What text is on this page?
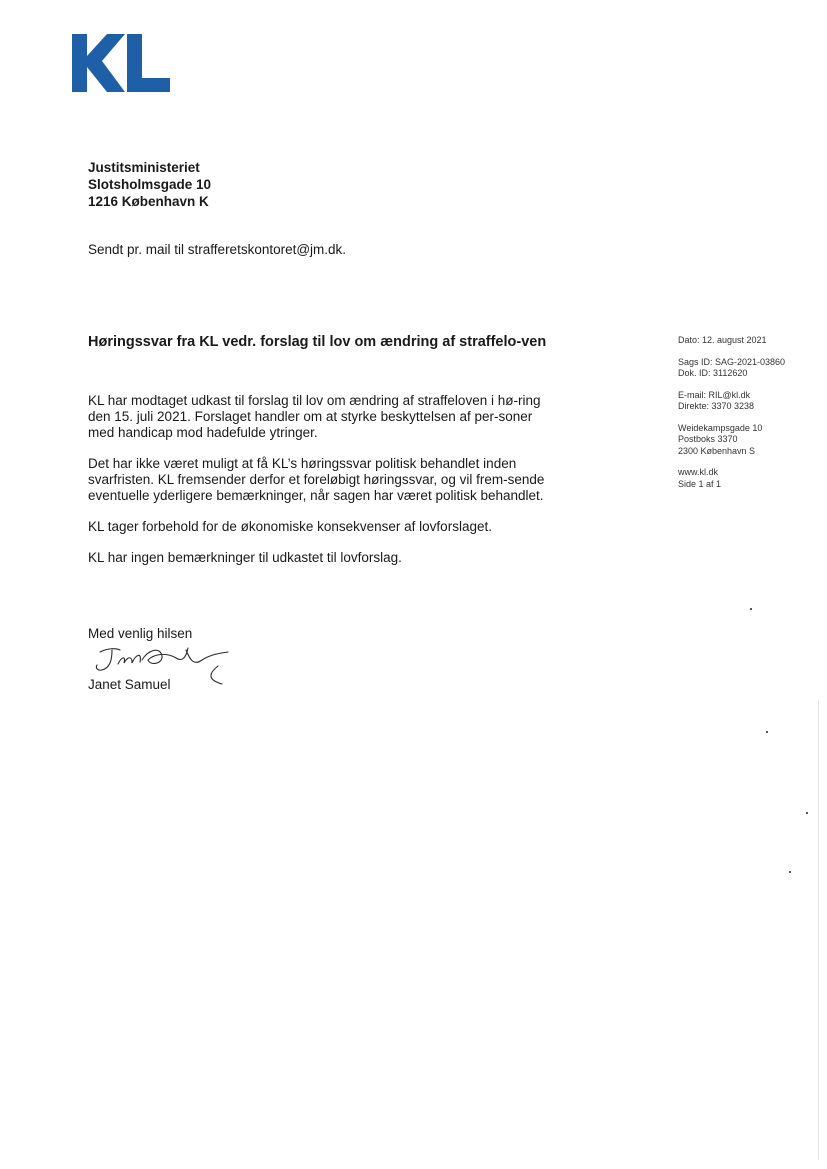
Justitsministeriet
Slotsholmsgade 10
1216 København K
Sendt pr. mail til strafferetskontoret@jm.dk.
Høringssvar fra KL vedr. forslag til lov om ændring af straffelo-ven

KL har modtaget udkast til forslag til lov om ændring af straffeloven i hø-ring den 15. juli 2021. Forslaget handler om at styrke beskyttelsen af per-soner med handicap mod hadefulde ytringer.

Det har ikke været muligt at få KL’s høringssvar politisk behandlet inden svarfristen. KL fremsender derfor et foreløbigt høringssvar, og vil frem-sende eventuelle yderligere bemærkninger, når sagen har været politisk behandlet.

KL tager forbehold for de økonomiske konsekvenser af lovforslaget.

KL har ingen bemærkninger til udkastet til lovforslag.

Med venlig hilsen
Janet Samuel
Dato: 12. august 2021
Sags ID: SAG-2021-03860
Dok. ID: 3112620
E-mail: RIL@kl.dk
Direkte: 3370 3238
Weidekampsgade 10
Postboks 3370
2300 København S
www.kl.dk
Side 1 af 1
